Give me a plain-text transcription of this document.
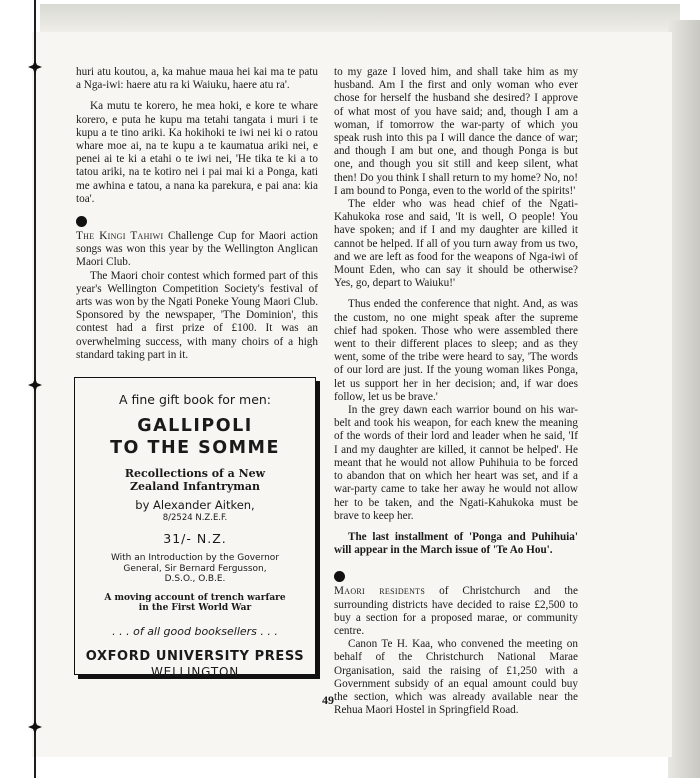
huri atu koutou, a, ka mahue maua hei kai ma te patu a Nga-iwi: haere atu ra ki Waiuku, haere atu ra'.

Ka mutu te korero, he mea hoki, e kore te whare korero, e puta he kupu ma tetahi tangata i muri i te kupu a te tino ariki. Ka hokihoki te iwi nei ki o ratou whare moe ai, na te kupu a te kaumatua ariki nei, e penei ai te ki a etahi o te iwi nei, 'He tika te ki a to tatou ariki, na te kotiro nei i pai mai ki a Ponga, kati me awhina e tatou, a nana ka parekura, e pai ana: kia toa'.

The Kingi Tahiwi Challenge Cup for Maori action songs was won this year by the Wellington Anglican Maori Club.

The Maori choir contest which formed part of this year's Wellington Competition Society's festival of arts was won by the Ngati Poneke Young Maori Club. Sponsored by the newspaper, 'The Dominion', this contest had a first prize of £100. It was an overwhelming success, with many choirs of a high standard taking part in it.

A fine gift book for men:
GALLIPOLI
TO THE SOMME
Recollections of a New
Zealand Infantryman
by Alexander Aitken,
8/2524 N.Z.E.F.
31/- N.Z.
With an Introduction by the Governor
General, Sir Bernard Fergusson,
D.S.O., O.B.E.
A moving account of trench warfare
in the First World War
. . . of all good booksellers . . .
OXFORD UNIVERSITY PRESS
WELLINGTON

to my gaze I loved him, and shall take him as my husband. Am I the first and only woman who ever chose for herself the husband she desired? I approve of what most of you have said; and, though I am a woman, if tomorrow the war-party of which you speak rush into this pa I will dance the dance of war; and though I am but one, and though Ponga is but one, and though you sit still and keep silent, what then! Do you think I shall return to my home? No, no! I am bound to Ponga, even to the world of the spirits!'

The elder who was head chief of the Ngati-Kahukoka rose and said, 'It is well, O people! You have spoken; and if I and my daughter are killed it cannot be helped. If all of you turn away from us two, and we are left as food for the weapons of Nga-iwi of Mount Eden, who can say it should be otherwise? Yes, go, depart to Waiuku!'

Thus ended the conference that night. And, as was the custom, no one might speak after the supreme chief had spoken. Those who were assembled there went to their different places to sleep; and as they went, some of the tribe were heard to say, 'The words of our lord are just. If the young woman likes Ponga, let us support her in her decision; and, if war does follow, let us be brave.'

In the grey dawn each warrior bound on his war-belt and took his weapon, for each knew the meaning of the words of their lord and leader when he said, 'If I and my daughter are killed, it cannot be helped'. He meant that he would not allow Puhihuia to be forced to abandon that on which her heart was set, and if a war-party came to take her away he would not allow her to be taken, and the Ngati-Kahukoka must be brave to keep her.

The last installment of 'Ponga and Puhihuia' will appear in the March issue of 'Te Ao Hou'.

Maori residents of Christchurch and the surrounding districts have decided to raise £2,500 to buy a section for a proposed marae, or community centre.

Canon Te H. Kaa, who convened the meeting on behalf of the Christchurch National Marae Organisation, said the raising of £1,250 with a Government subsidy of an equal amount could buy the section, which was already available near the Rehua Maori Hostel in Springfield Road.

49
